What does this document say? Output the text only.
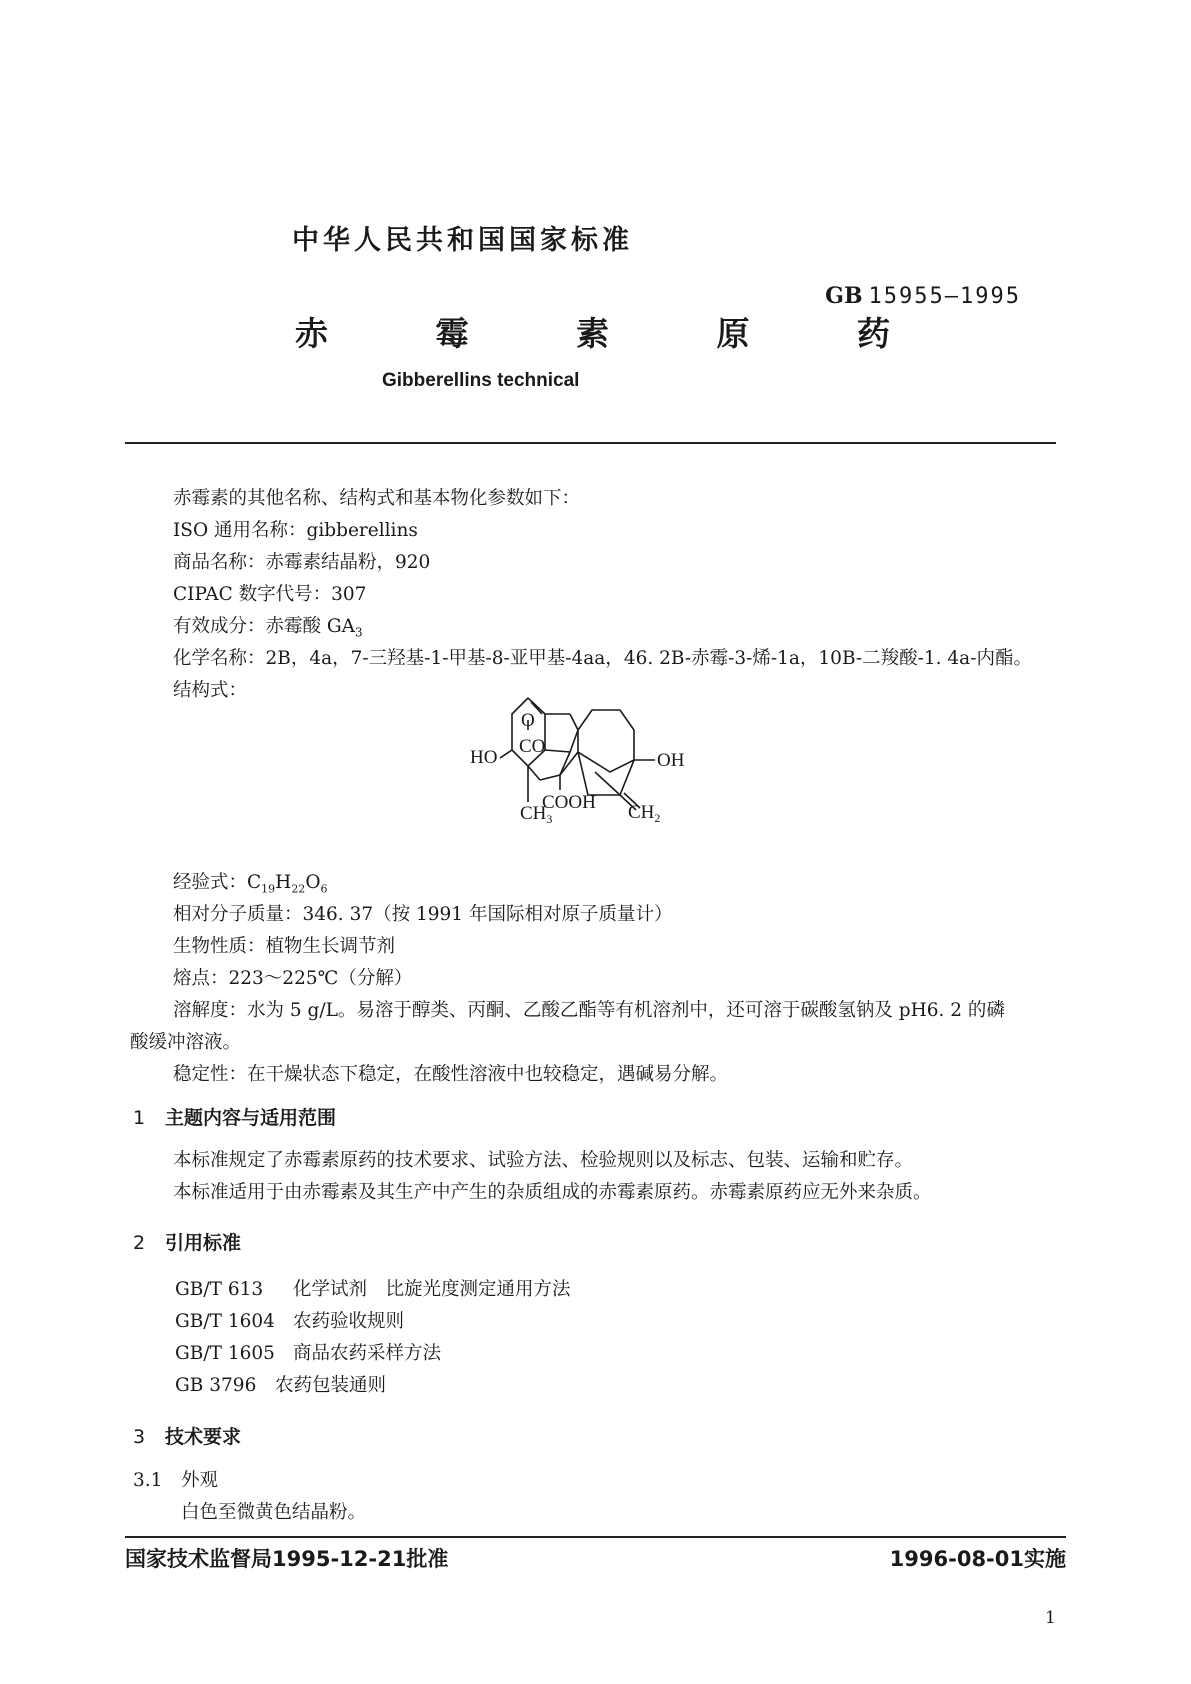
中华人民共和国国家标准
GB 15955—1995
赤 霉 素 原 药
Gibberellins technical
赤霉素的其他名称、结构式和基本物化参数如下：
ISO 通用名称：gibberellins
商品名称：赤霉素结晶粉，920
CIPAC 数字代号：307
有效成分：赤霉酸 $GA_3$
化学名称：2B，4a，7-三羟基-1-甲基-8-亚甲基-4aa，46. 2B-赤霉-3-烯-1a，10B-二羧酸-1. 4a-内酯。
结构式：
O
CO
OH
HO
$CH_3$
COOH $CH_2$
经验式：$C_{19}H_{22}O_6$
相对分子质量：346. 37（按 1991 年国际相对原子质量计）
生物性质：植物生长调节剂
熔点：223～225℃（分解）
溶解度：水为 5 g/L。易溶于醇类、丙酮、乙酸乙酯等有机溶剂中，还可溶于碳酸氢钠及 pH6. 2 的磷
酸缓冲溶液。
稳定性：在干燥状态下稳定，在酸性溶液中也较稳定，遇碱易分解。
1 主题内容与适用范围
本标准规定了赤霉素原药的技术要求、试验方法、检验规则以及标志、包装、运输和贮存。
本标准适用于由赤霉素及其生产中产生的杂质组成的赤霉素原药。赤霉素原药应无外来杂质。
2 引用标准
GB/T 613 化学试剂　比旋光度测定通用方法
GB/T 1604 农药验收规则
GB/T 1605 商品农药采样方法
GB 3796 农药包装通则
3 技术要求
3.1 外观
白色至微黄色结晶粉。
国家技术监督局1995-12-21批准	1996-08-01实施
1
